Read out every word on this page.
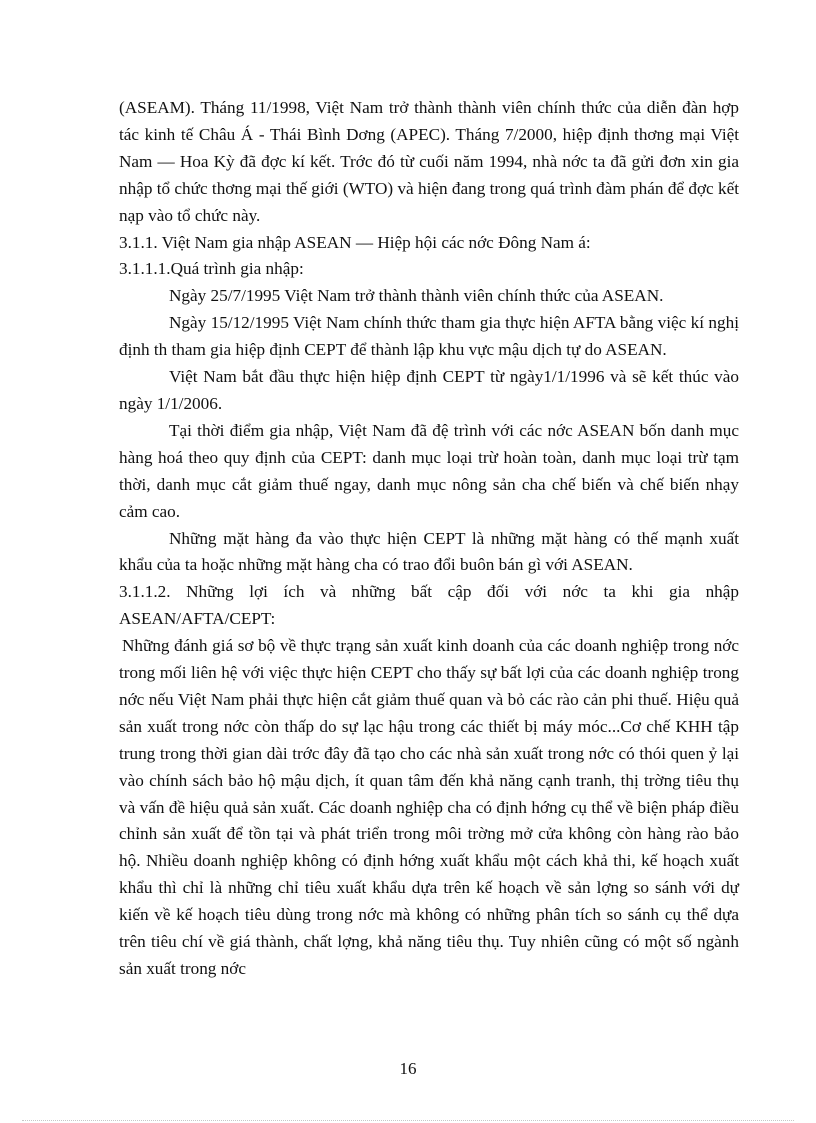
(ASEAM). Tháng 11/1998, Việt Nam trở thành thành viên chính thức của diễn đàn hợp tác kinh tế Châu Á - Thái Bình Dơng (APEC). Tháng 7/2000, hiệp định thơng mại Việt Nam — Hoa Kỳ đã đợc kí kết. Trớc đó từ cuối năm 1994, nhà nớc ta đã gửi đơn xin gia nhập tổ chức thơng mại thế giới (WTO) và hiện đang trong quá trình đàm phán để đợc kết nạp vào tổ chức này.

3.1.1. Việt Nam gia nhập ASEAN — Hiệp hội các nớc Đông Nam á:

3.1.1.1.Quá trình gia nhập:

Ngày 25/7/1995 Việt Nam trở thành thành viên chính thức của ASEAN.

Ngày 15/12/1995 Việt Nam chính thức tham gia thực hiện AFTA bằng việc kí nghị định th tham gia hiệp định CEPT để thành lập khu vực mậu dịch tự do ASEAN.

Việt Nam bắt đầu thực hiện hiệp định CEPT từ ngày1/1/1996 và sẽ kết thúc vào ngày 1/1/2006.

Tại thời điểm gia nhập, Việt Nam đã đệ trình với các nớc ASEAN bốn danh mục hàng hoá theo quy định của CEPT: danh mục loại trừ hoàn toàn, danh mục loại trừ tạm thời, danh mục cắt giảm thuế ngay, danh mục nông sản cha chế biến và chế biến nhạy cảm cao.

Những mặt hàng đa vào thực hiện CEPT là những mặt hàng có thế mạnh xuất khẩu của ta hoặc những mặt hàng cha có trao đổi buôn bán gì với ASEAN.

3.1.1.2. Những lợi ích và những bất cập đối với nớc ta khi gia nhập ASEAN/AFTA/CEPT:

Những đánh giá sơ bộ về thực trạng sản xuất kinh doanh của các doanh nghiệp trong nớc trong mối liên hệ với việc thực hiện CEPT cho thấy sự bất lợi của các doanh nghiệp trong nớc nếu Việt Nam phải thực hiện cắt giảm thuế quan và bỏ các rào cản phi thuế. Hiệu quả sản xuất trong nớc còn thấp do sự lạc hậu trong các thiết bị máy móc...Cơ chế KHH tập trung trong thời gian dài trớc đây đã tạo cho các nhà sản xuất trong nớc có thói quen ỷ lại vào chính sách bảo hộ mậu dịch, ít quan tâm đến khả năng cạnh tranh, thị trờng tiêu thụ và vấn đề hiệu quả sản xuất. Các doanh nghiệp cha có định hớng cụ thể về biện pháp điều chỉnh sản xuất để tồn tại và phát triển trong môi trờng mở cửa không còn hàng rào bảo hộ. Nhiều doanh nghiệp không có định hớng xuất khẩu một cách khả thi, kế hoạch xuất khẩu thì chỉ là những chỉ tiêu xuất khẩu dựa trên kế hoạch về sản lợng so sánh với dự kiến về kế hoạch tiêu dùng trong nớc mà không có những phân tích so sánh cụ thể dựa trên tiêu chí về giá thành, chất lợng, khả năng tiêu thụ. Tuy nhiên cũng có một số ngành sản xuất trong nớc

16
